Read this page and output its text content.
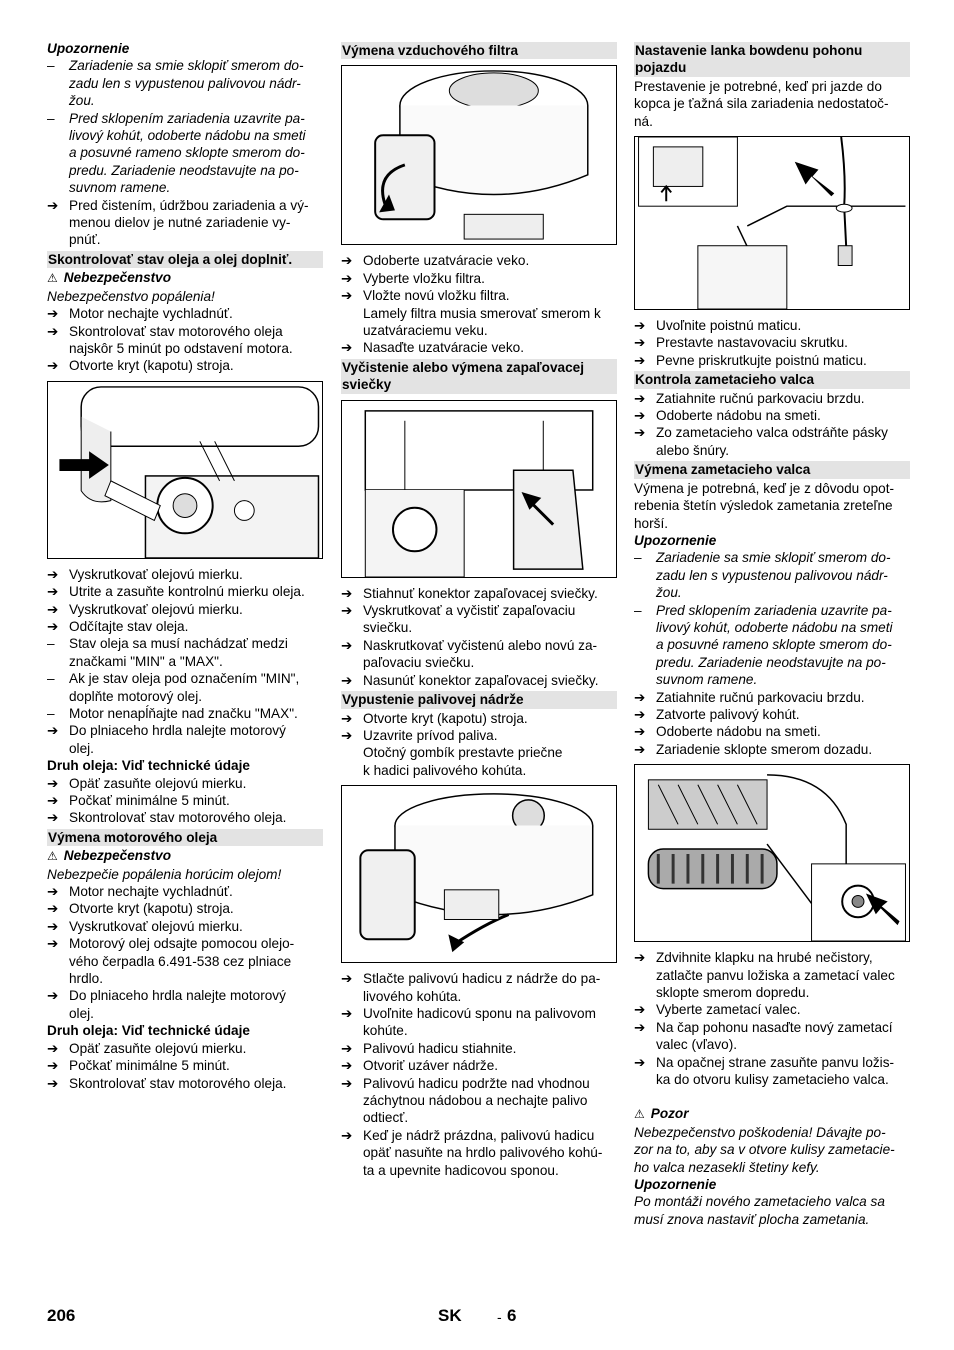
Upozornenie
–	Zariadenie sa smie sklopiť smerom do-
zadu len s vypustenou palivovou nádr-
žou.
–	Pred sklopením zariadenia uzavrite pa-
livový kohút, odoberte nádobu na smeti
a posuvné rameno sklopte smerom do-
predu. Zariadenie neodstavujte na po-
suvnom ramene.
➔ Pred čistením, údržbou zariadenia a vý-
menou dielov je nutné zariadenie vy-
pnúť.
Skontrolovať stav oleja a olej doplniť.
⚠ Nebezpečenstvo
Nebezpečenstvo popálenia!
➔ Motor nechajte vychladnúť.
➔ Skontrolovať stav motorového oleja
najskôr 5 minút po odstavení motora.
➔ Otvorte kryt (kapotu) stroja.
➔ Vyskrutkovať olejovú mierku.
➔ Utrite a zasuňte kontrolnú mierku oleja.
➔ Vyskrutkovať olejovú mierku.
➔ Odčítajte stav oleja.
–	Stav oleja sa musí nachádzať medzi
značkami "MIN" a "MAX".
–	Ak je stav oleja pod označením "MIN",
doplňte motorový olej.
–	Motor nenapĺňajte nad značku "MAX".
➔ Do plniaceho hrdla nalejte motorový
olej.
Druh oleja: Viď technické údaje
➔ Opäť zasuňte olejovú mierku.
➔ Počkať minimálne 5 minút.
➔ Skontrolovať stav motorového oleja.
Výmena motorového oleja
⚠ Nebezpečenstvo
Nebezpečie popálenia horúcim olejom!
➔ Motor nechajte vychladnúť.
➔ Otvorte kryt (kapotu) stroja.
➔ Vyskrutkovať olejovú mierku.
➔ Motorový olej odsajte pomocou olejo-
vého čerpadla 6.491-538 cez plniace
hrdlo.
➔ Do plniaceho hrdla nalejte motorový
olej.
Druh oleja: Viď technické údaje
➔ Opäť zasuňte olejovú mierku.
➔ Počkať minimálne 5 minút.
➔ Skontrolovať stav motorového oleja.
Výmena vzduchového filtra
➔ Odoberte uzatváracie veko.
➔ Vyberte vložku filtra.
➔ Vložte novú vložku filtra.
Lamely filtra musia smerovať smerom k
uzatváraciemu veku.
➔ Nasaďte uzatváracie veko.
Vyčistenie alebo výmena zapaľovacej
sviečky
➔ Stiahnuť konektor zapaľovacej sviečky.
➔ Vyskrutkovať a vyčistiť zapaľovaciu
sviečku.
➔ Naskrutkovať vyčistenú alebo novú za-
paľovaciu sviečku.
➔ Nasunúť konektor zapaľovacej sviečky.
Vypustenie palivovej nádrže
➔ Otvorte kryt (kapotu) stroja.
➔ Uzavrite prívod paliva.
Otočný gombík prestavte priečne
k hadici palivového kohúta.
➔ Stlačte palivovú hadicu z nádrže do pa-
livového kohúta.
➔ Uvoľnite hadicovú sponu na palivovom
kohúte.
➔ Palivovú hadicu stiahnite.
➔ Otvoriť uzáver nádrže.
➔ Palivovú hadicu podržte nad vhodnou
záchytnou nádobou a nechajte palivo
odtiecť.
➔ Keď je nádrž prázdna, palivovú hadicu
opäť nasuňte na hrdlo palivového kohú-
ta a upevnite hadicovou sponou.
Nastavenie lanka bowdenu pohonu
pojazdu
Prestavenie je potrebné, keď pri jazde do
kopca je ťažná sila zariadenia nedostatoč-
ná.
➔ Uvoľnite poistnú maticu.
➔ Prestavte nastavovaciu skrutku.
➔ Pevne priskrutkujte poistnú maticu.
Kontrola zametacieho valca
➔ Zatiahnite ručnú parkovaciu brzdu.
➔ Odoberte nádobu na smeti.
➔ Zo zametacieho valca odstráňte pásky
alebo šnúry.
Výmena zametacieho valca
Výmena je potrebná, keď je z dôvodu opot-
rebenia štetín výsledok zametania zreteľne
horší.
Upozornenie
–	Zariadenie sa smie sklopiť smerom do-
zadu len s vypustenou palivovou nádr-
žou.
–	Pred sklopením zariadenia uzavrite pa-
livový kohút, odoberte nádobu na smeti
a posuvné rameno sklopte smerom do-
predu. Zariadenie neodstavujte na po-
suvnom ramene.
➔ Zatiahnite ručnú parkovaciu brzdu.
➔ Zatvorte palivový kohút.
➔ Odoberte nádobu na smeti.
➔ Zariadenie sklopte smerom dozadu.
➔ Zdvihnite klapku na hrubé nečistory,
zatlačte panvu ložiska a zametací valec
sklopte smerom dopredu.
➔ Vyberte zametací valec.
➔ Na čap pohonu nasaďte nový zametací
valec (vľavo).
➔ Na opačnej strane zasuňte panvu ložis-
ka do otvoru kulisy zametacieho valca.
⚠ Pozor
Nebezpečenstvo poškodenia! Dávajte po-
zor na to, aby sa v otvore kulisy zametacie-
ho valca nezasekli štetiny kefy.
Upozornenie
Po montáži nového zametacieho valca sa
musí znova nastaviť plocha zametania.
206	SK	- 6
